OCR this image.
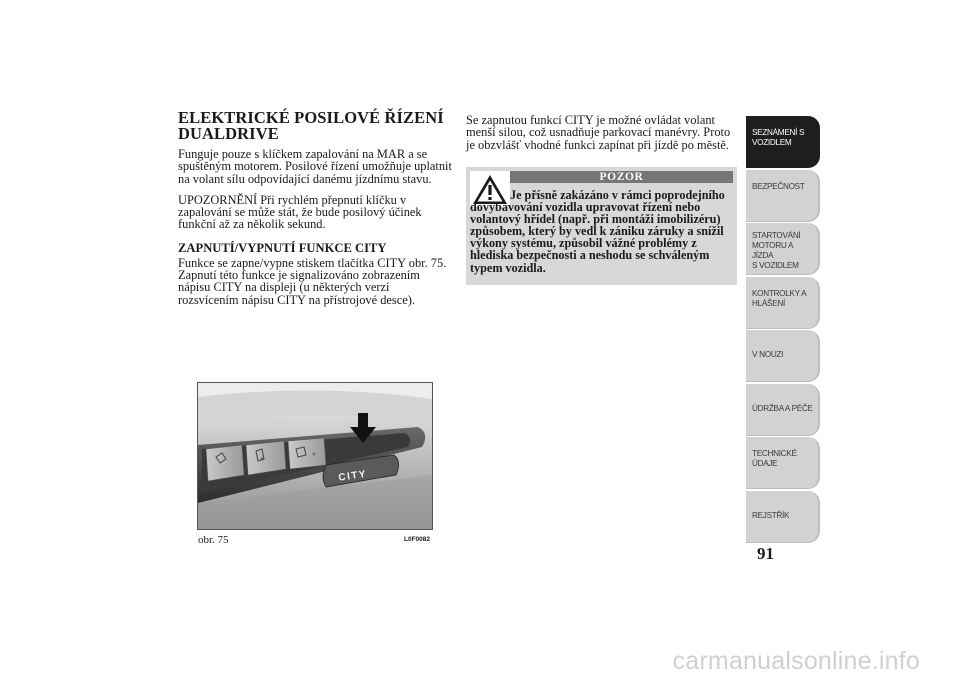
ELEKTRICKÉ POSILOVÉ ŘÍZENÍ
DUALDRIVE

Funguje pouze s klíčkem zapalování na MAR a se spuštěným motorem. Posilové řízení umožňuje uplatnit na volant sílu odpovídající danému jízdnímu stavu.

UPOZORNĚNÍ Při rychlém přepnutí klíčku v zapalování se může stát, že bude posilový účinek funkční až za několik sekund.

ZAPNUTÍ/VYPNUTÍ FUNKCE CITY

Funkce se zapne/vypne stiskem tlačítka CITY obr. 75. Zapnutí této funkce je signalizováno zobrazením nápisu CITY na displeji (u některých verzí rozsvícením nápisu CITY na přístrojové desce).

Se zapnutou funkcí CITY je možné ovládat volant menší silou, což usnadňuje parkovací manévry. Proto je obzvlášť vhodné funkci zapínat při jízdě po městě.

POZOR
Je přísně zakázáno v rámci poprodejního dovybavování vozidla upravovat řízení nebo volantový hřídel (např. při montáži imobilizéru) způsobem, který by vedl k zániku záruky a snížil výkony systému, způsobil vážné problémy z hlediska bezpečnosti a neshodu se schváleným typem vozidla.
CITY
obr. 75	L0F0082
SEZNÁMENÍ S
VOZIDLEM
BEZPEČNOST
STARTOVÁNÍ
MOTORU A JÍZDA
S VOZIDLEM
KONTROLKY A
HLÁŠENÍ
V NOUZI
ÚDRŽBA A PÉČE
TECHNICKÉ
ÚDAJE
REJSTŘÍK
91
carmanualsonline.info
